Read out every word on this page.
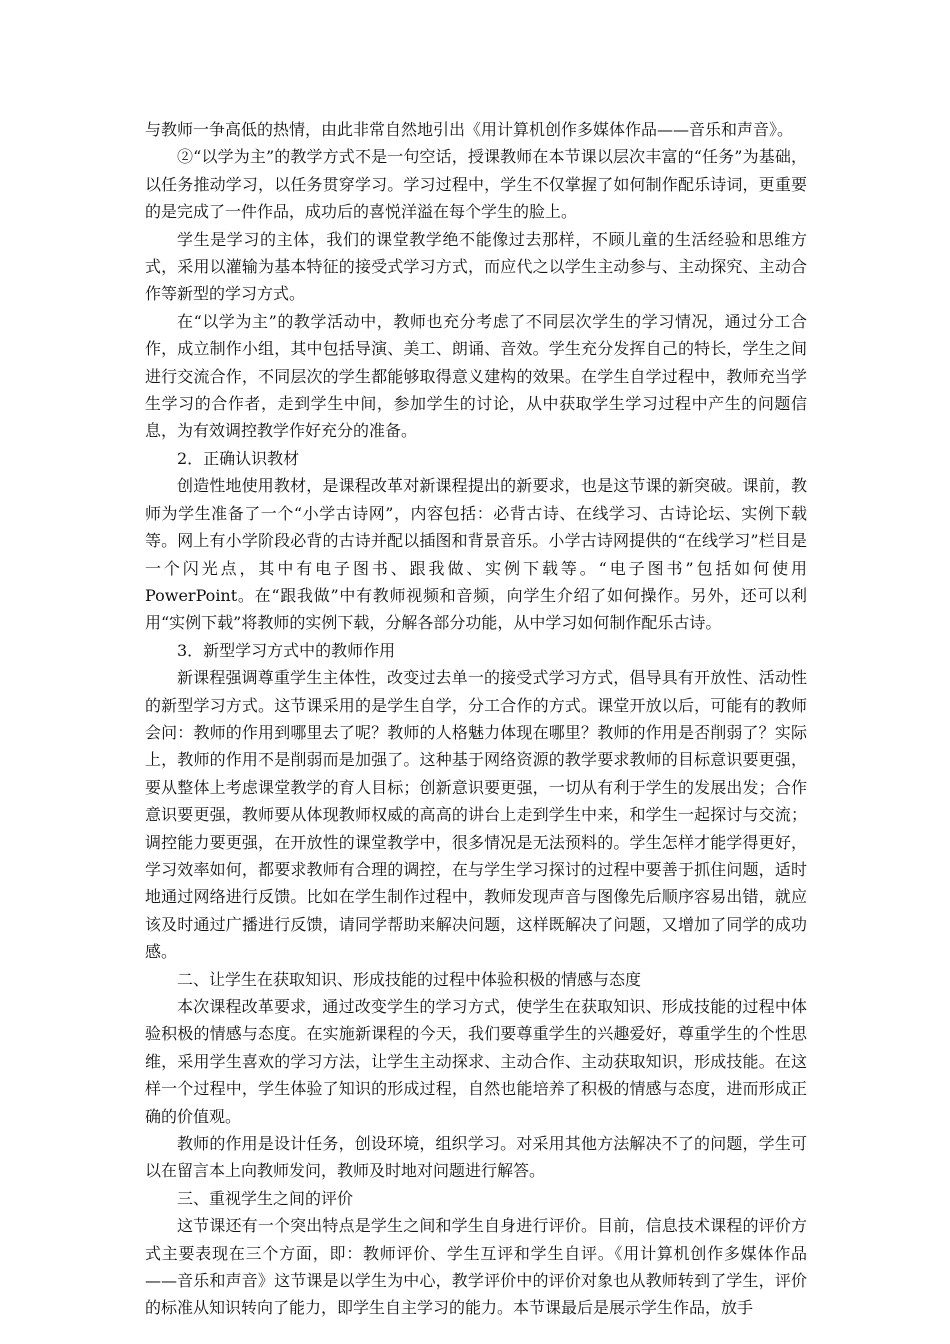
与教师一争高低的热情，由此非常自然地引出《用计算机创作多媒体作品——音乐和声音》。

②“以学为主”的教学方式不是一句空话，授课教师在本节课以层次丰富的“任务”为基础，以任务推动学习，以任务贯穿学习。学习过程中，学生不仅掌握了如何制作配乐诗词，更重要的是完成了一件作品，成功后的喜悦洋溢在每个学生的脸上。

学生是学习的主体，我们的课堂教学绝不能像过去那样，不顾儿童的生活经验和思维方式，采用以灌输为基本特征的接受式学习方式，而应代之以学生主动参与、主动探究、主动合作等新型的学习方式。

在“以学为主”的教学活动中，教师也充分考虑了不同层次学生的学习情况，通过分工合作，成立制作小组，其中包括导演、美工、朗诵、音效。学生充分发挥自己的特长，学生之间进行交流合作，不同层次的学生都能够取得意义建构的效果。在学生自学过程中，教师充当学生学习的合作者，走到学生中间，参加学生的讨论，从中获取学生学习过程中产生的问题信息，为有效调控教学作好充分的准备。

2．正确认识教材

创造性地使用教材，是课程改革对新课程提出的新要求，也是这节课的新突破。课前，教师为学生准备了一个“小学古诗网”，内容包括：必背古诗、在线学习、古诗论坛、实例下载等。网上有小学阶段必背的古诗并配以插图和背景音乐。小学古诗网提供的“在线学习”栏目是一个闪光点，其中有电子图书、跟我做、实例下载等。“电子图书”包括如何使用PowerPoint。在“跟我做”中有教师视频和音频，向学生介绍了如何操作。另外，还可以利用“实例下载”将教师的实例下载，分解各部分功能，从中学习如何制作配乐古诗。

3．新型学习方式中的教师作用

新课程强调尊重学生主体性，改变过去单一的接受式学习方式，倡导具有开放性、活动性的新型学习方式。这节课采用的是学生自学，分工合作的方式。课堂开放以后，可能有的教师会问：教师的作用到哪里去了呢？教师的人格魅力体现在哪里？教师的作用是否削弱了？实际上，教师的作用不是削弱而是加强了。这种基于网络资源的教学要求教师的目标意识要更强，要从整体上考虑课堂教学的育人目标；创新意识要更强，一切从有利于学生的发展出发；合作意识要更强，教师要从体现教师权威的高高的讲台上走到学生中来，和学生一起探讨与交流；调控能力要更强，在开放性的课堂教学中，很多情况是无法预料的。学生怎样才能学得更好，学习效率如何，都要求教师有合理的调控，在与学生学习探讨的过程中要善于抓住问题，适时地通过网络进行反馈。比如在学生制作过程中，教师发现声音与图像先后顺序容易出错，就应该及时通过广播进行反馈，请同学帮助来解决问题，这样既解决了问题，又增加了同学的成功感。

二、让学生在获取知识、形成技能的过程中体验积极的情感与态度

本次课程改革要求，通过改变学生的学习方式，使学生在获取知识、形成技能的过程中体验积极的情感与态度。在实施新课程的今天，我们要尊重学生的兴趣爱好，尊重学生的个性思维，采用学生喜欢的学习方法，让学生主动探求、主动合作、主动获取知识，形成技能。在这样一个过程中，学生体验了知识的形成过程，自然也能培养了积极的情感与态度，进而形成正确的价值观。

教师的作用是设计任务，创设环境，组织学习。对采用其他方法解决不了的问题，学生可以在留言本上向教师发问，教师及时地对问题进行解答。

三、重视学生之间的评价

这节课还有一个突出特点是学生之间和学生自身进行评价。目前，信息技术课程的评价方式主要表现在三个方面，即：教师评价、学生互评和学生自评。《用计算机创作多媒体作品——音乐和声音》这节课是以学生为中心，教学评价中的评价对象也从教师转到了学生，评价的标准从知识转向了能力，即学生自主学习的能力。本节课最后是展示学生作品，放手
